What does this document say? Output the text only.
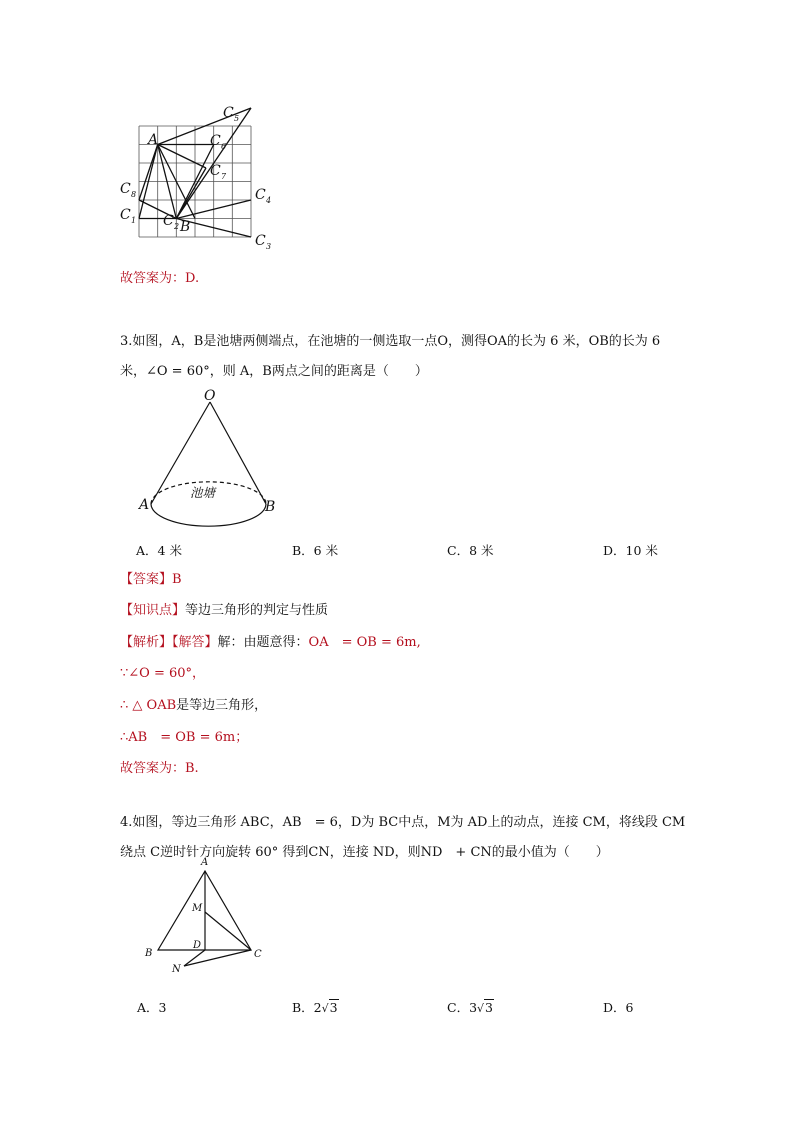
A
B
C 1 C 2
C 3
C 4
C 5
C 6
C 7
C 8
故答案为：D.
3.如图，A，B是池塘两侧端点，在池塘的一侧选取一点O，测得OA的长为 6 米，OB的长为 6
米，∠O = 60°，则 A，B两点之间的距离是（　　）
O
A	B
池塘
A．4 米	B．6 米	C．8 米	D．10 米
【答案】B
【知识点】等边三角形的判定与性质
【解析】【解答】解：由题意得：OA　= OB = 6m,
∵∠O = 60°，
∴ △ OAB是等边三角形，
∴AB　= OB = 6m；
故答案为：B.
4.如图，等边三角形 ABC，AB　= 6，D为 BC中点，M为 AD上的动点，连接 CM，将线段 CM
绕点 C逆时针方向旋转 60° 得到CN，连接 ND，则ND　+ CN的最小值为（　　）
A
B	C
D
M
N
A．3	B．2√3	C．3√3	D．6
